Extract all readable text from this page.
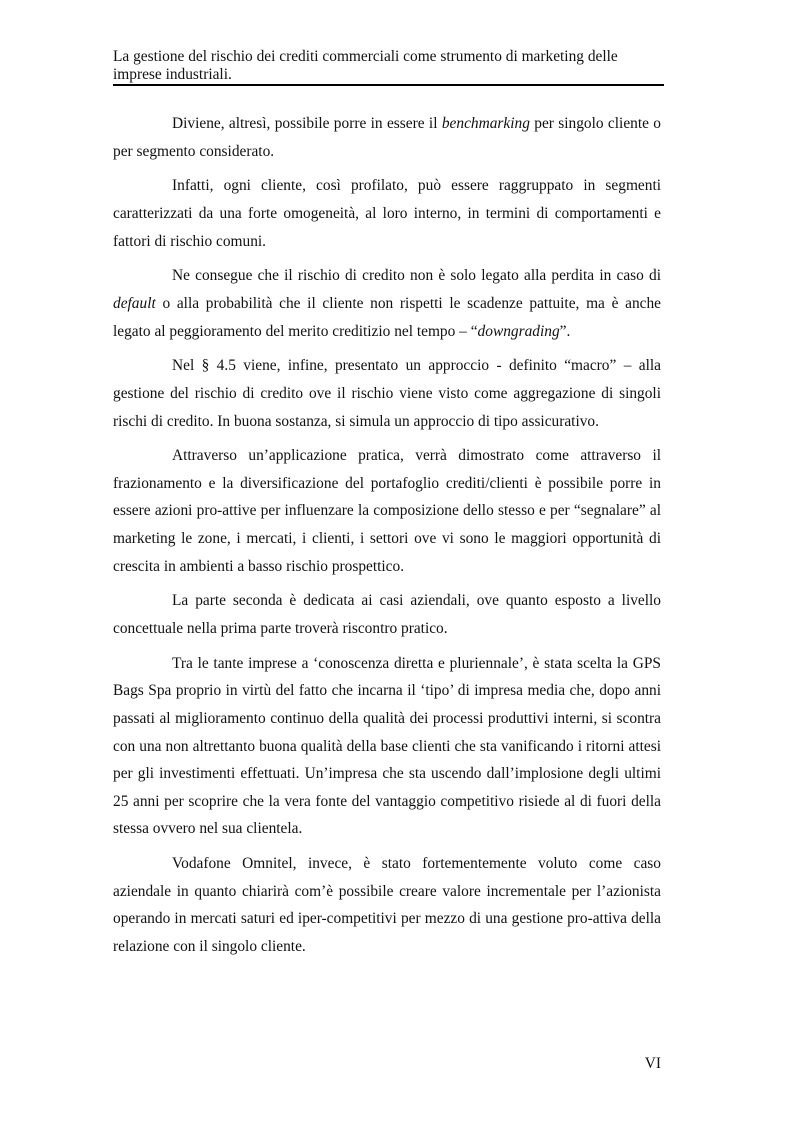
La gestione del rischio dei crediti commerciali come strumento di marketing delle imprese industriali.

Diviene, altresì, possibile porre in essere il benchmarking per singolo cliente o per segmento considerato.

Infatti, ogni cliente, così profilato, può essere raggruppato in segmenti caratterizzati da una forte omogeneità, al loro interno, in termini di comportamenti e fattori di rischio comuni.

Ne consegue che il rischio di credito non è solo legato alla perdita in caso di default o alla probabilità che il cliente non rispetti le scadenze pattuite, ma è anche legato al peggioramento del merito creditizio nel tempo – “downgrading”.

Nel § 4.5 viene, infine, presentato un approccio - definito “macro” – alla gestione del rischio di credito ove il rischio viene visto come aggregazione di singoli rischi di credito. In buona sostanza, si simula un approccio di tipo assicurativo.

Attraverso un’applicazione pratica, verrà dimostrato come attraverso il frazionamento e la diversificazione del portafoglio crediti/clienti è possibile porre in essere azioni pro-attive per influenzare la composizione dello stesso e per “segnalare” al marketing le zone, i mercati, i clienti, i settori ove vi sono le maggiori opportunità di crescita in ambienti a basso rischio prospettico.

La parte seconda è dedicata ai casi aziendali, ove quanto esposto a livello concettuale nella prima parte troverà riscontro pratico.

Tra le tante imprese a ‘conoscenza diretta e pluriennale’, è stata scelta la GPS Bags Spa proprio in virtù del fatto che incarna il ‘tipo’ di impresa media che, dopo anni passati al miglioramento continuo della qualità dei processi produttivi interni, si scontra con una non altrettanto buona qualità della base clienti che sta vanificando i ritorni attesi per gli investimenti effettuati. Un’impresa che sta uscendo dall’implosione degli ultimi 25 anni per scoprire che la vera fonte del vantaggio competitivo risiede al di fuori della stessa ovvero nel sua clientela.

Vodafone Omnitel, invece, è stato fortementemente voluto come caso aziendale in quanto chiarirà com’è possibile creare valore incrementale per l’azionista operando in mercati saturi ed iper-competitivi per mezzo di una gestione pro-attiva della relazione con il singolo cliente.

VI
